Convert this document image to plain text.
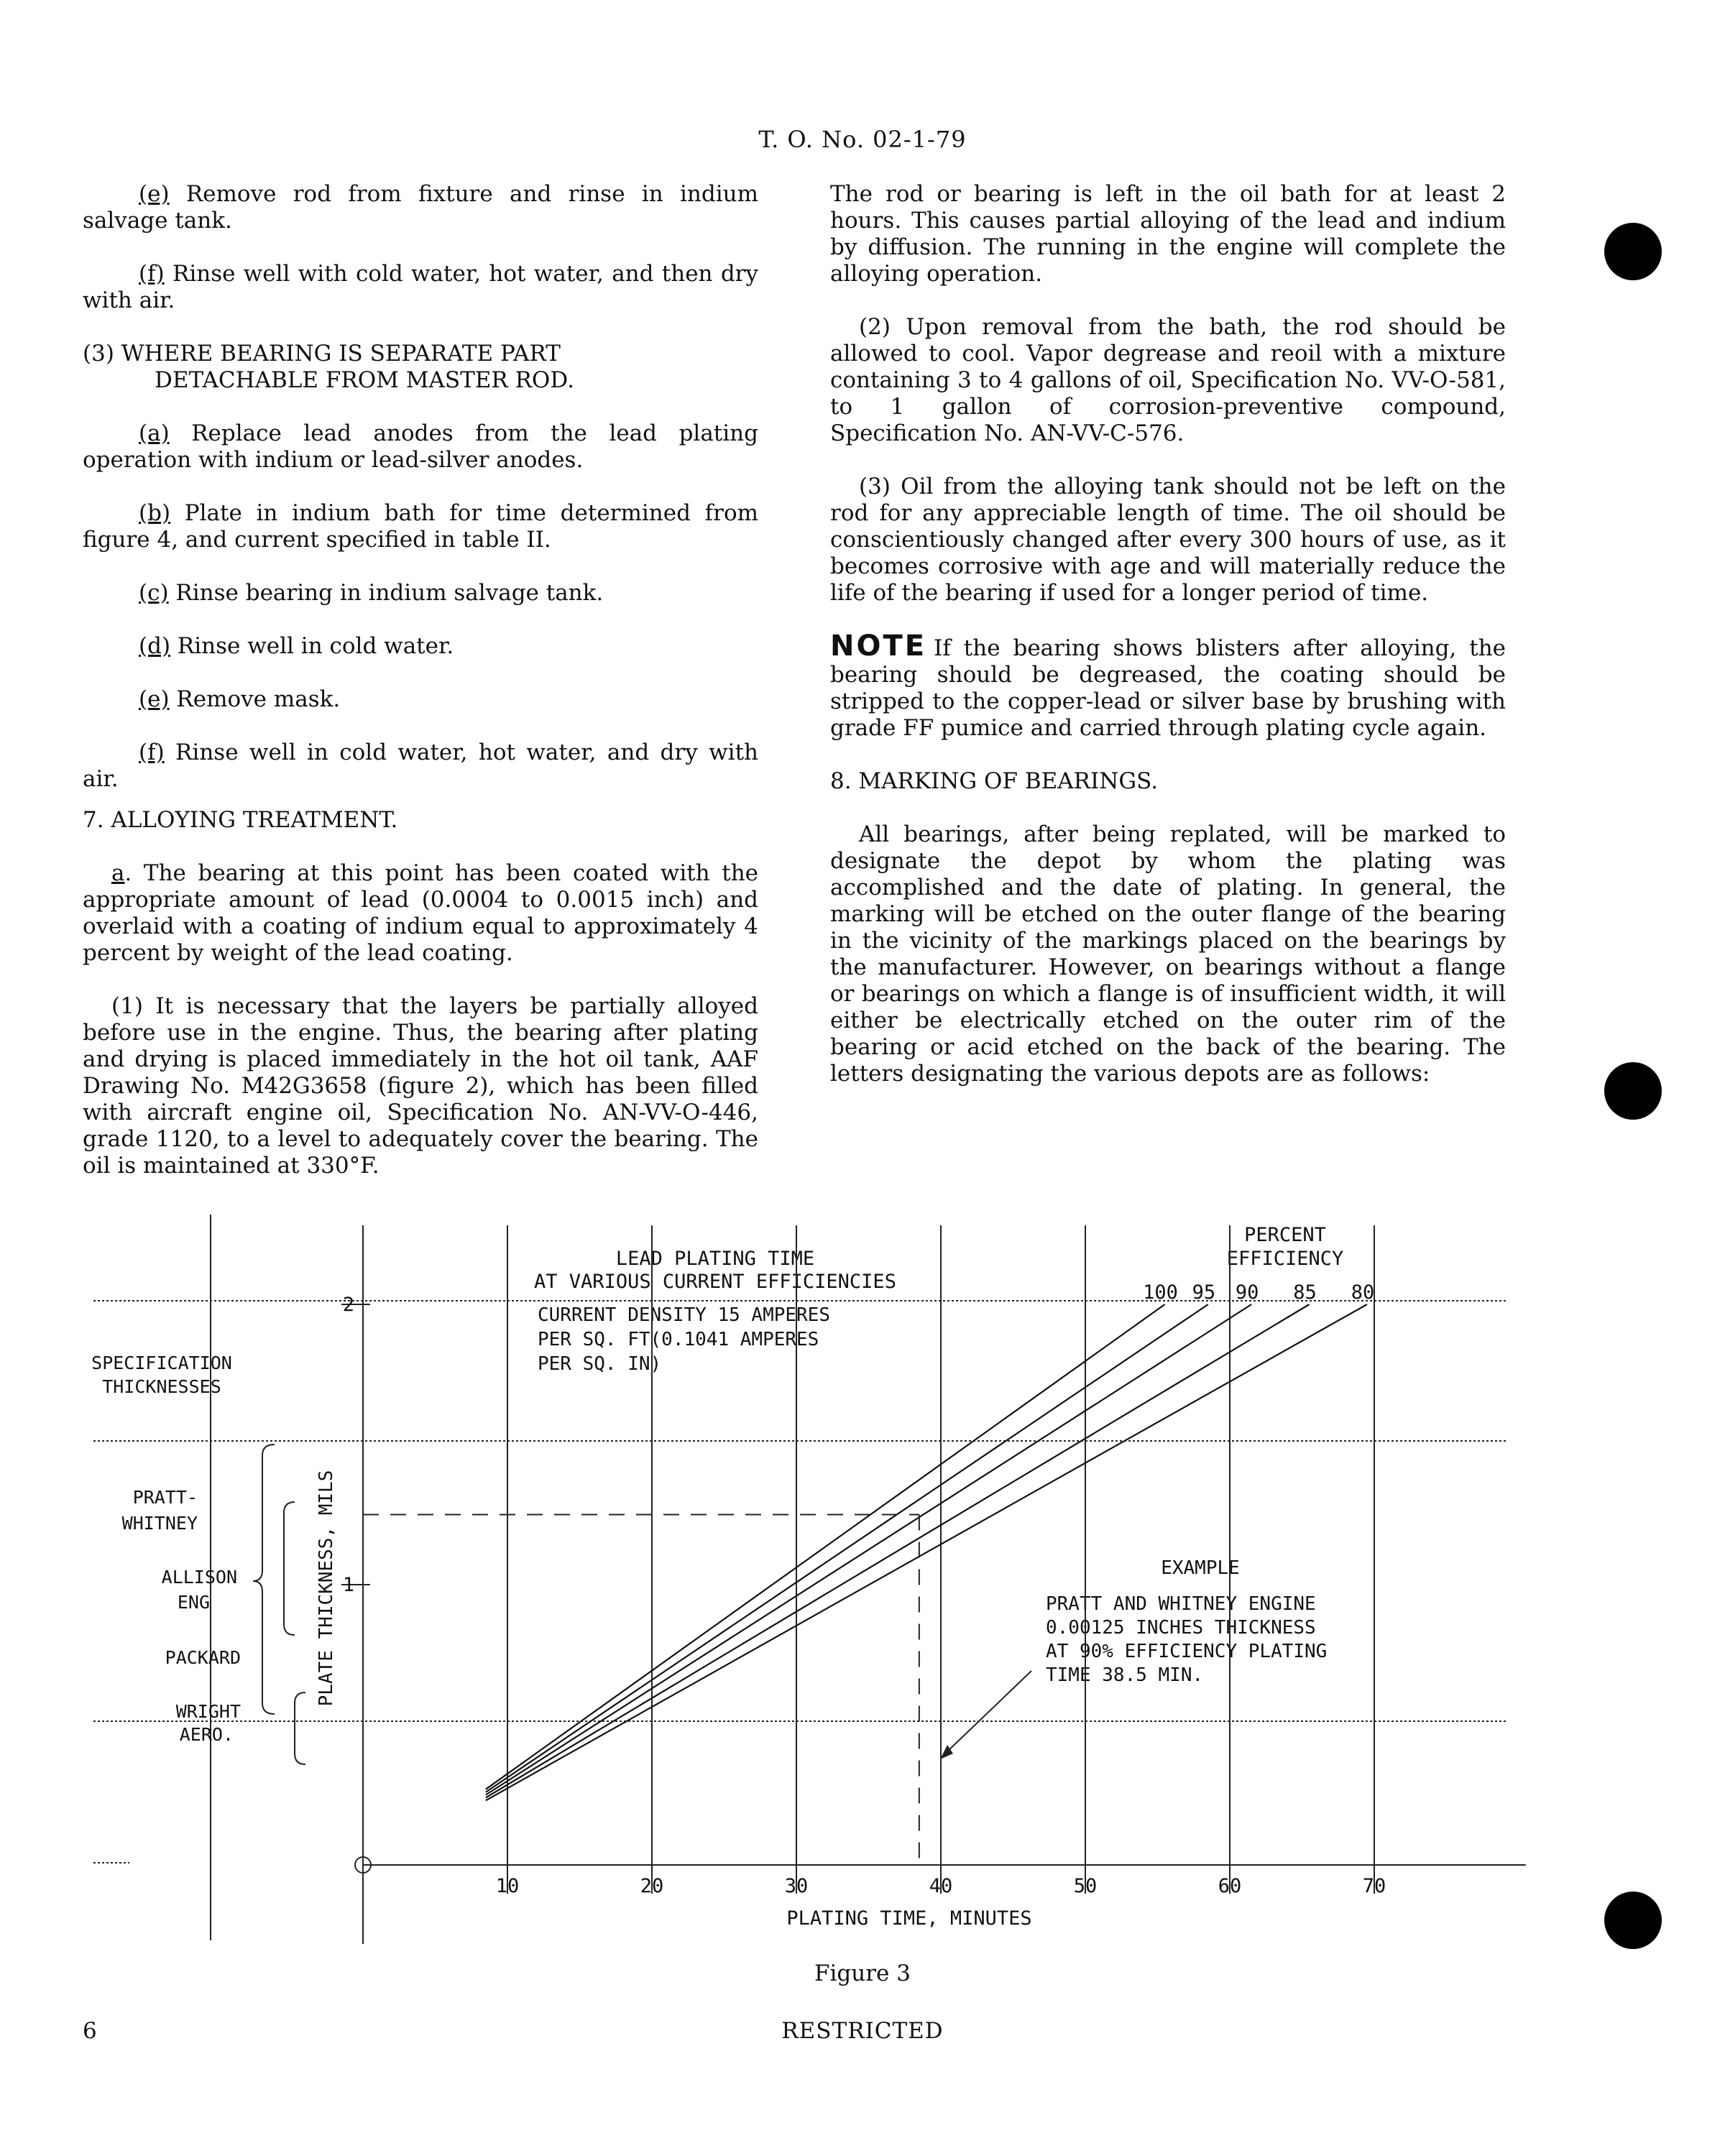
T. O. No. 02-1-79

(e) Remove rod from fixture and rinse in indium salvage tank.

(f) Rinse well with cold water, hot water, and then dry with air.

(3) WHERE BEARING IS SEPARATE PART
DETACHABLE FROM MASTER ROD.

(a) Replace lead anodes from the lead plating operation with indium or lead-silver anodes.

(b) Plate in indium bath for time determined from figure 4, and current specified in table II.

(c) Rinse bearing in indium salvage tank.

(d) Rinse well in cold water.

(e) Remove mask.

(f) Rinse well in cold water, hot water, and dry with air.

7. ALLOYING TREATMENT.

a. The bearing at this point has been coated with the appropriate amount of lead (0.0004 to 0.0015 inch) and overlaid with a coating of indium equal to approximately 4 percent by weight of the lead coating.

(1) It is necessary that the layers be partially alloyed before use in the engine. Thus, the bearing after plating and drying is placed immediately in the hot oil tank, AAF Drawing No. M42G3658 (figure 2), which has been filled with aircraft engine oil, Specification No. AN-VV-O-446, grade 1120, to a level to adequately cover the bearing. The oil is maintained at 330°F.

The rod or bearing is left in the oil bath for at least 2 hours. This causes partial alloying of the lead and indium by diffusion. The running in the engine will complete the alloying operation.

(2) Upon removal from the bath, the rod should be allowed to cool. Vapor degrease and reoil with a mixture containing 3 to 4 gallons of oil, Specification No. VV-O-581, to 1 gallon of corrosion-preventive compound, Specification No. AN-VV-C-576.

(3) Oil from the alloying tank should not be left on the rod for any appreciable length of time. The oil should be conscientiously changed after every 300 hours of use, as it becomes corrosive with age and will materially reduce the life of the bearing if used for a longer period of time.

NOTE If the bearing shows blisters after alloying, the bearing should be degreased, the coating should be stripped to the copper-lead or silver base by brushing with grade FF pumice and carried through plating cycle again.

8. MARKING OF BEARINGS.

All bearings, after being replated, will be marked to designate the depot by whom the plating was accomplished and the date of plating. In general, the marking will be etched on the outer flange of the bearing in the vicinity of the markings placed on the bearings by the manufacturer. However, on bearings without a flange or bearings on which a flange is of insufficient width, it will either be electrically etched on the outer rim of the bearing or acid etched on the back of the bearing. The letters designating the various depots are as follows:

SPECIFICATION
THICKNESSES
PRATT-
WHITNEY
ALLISON
ENG
PACKARD
WRIGHT
AERO.
PLATE THICKNESS, MILS
LEAD PLATING TIME
AT VARIOUS CURRENT EFFICIENCIES
CURRENT DENSITY 15 AMPERES
PER SQ. FT(0.1041 AMPERES
PER SQ. IN)
PERCENT
EFFICIENCY
EXAMPLE
PRATT AND WHITNEY ENGINE
0.00125 INCHES THICKNESS
AT 90% EFFICIENCY PLATING
TIME 38.5 MIN.
PLATING TIME, MINUTES
10	20	30	40	50	60	70
1
2
100 95 90 85 80
Figure 3
6	RESTRICTED
